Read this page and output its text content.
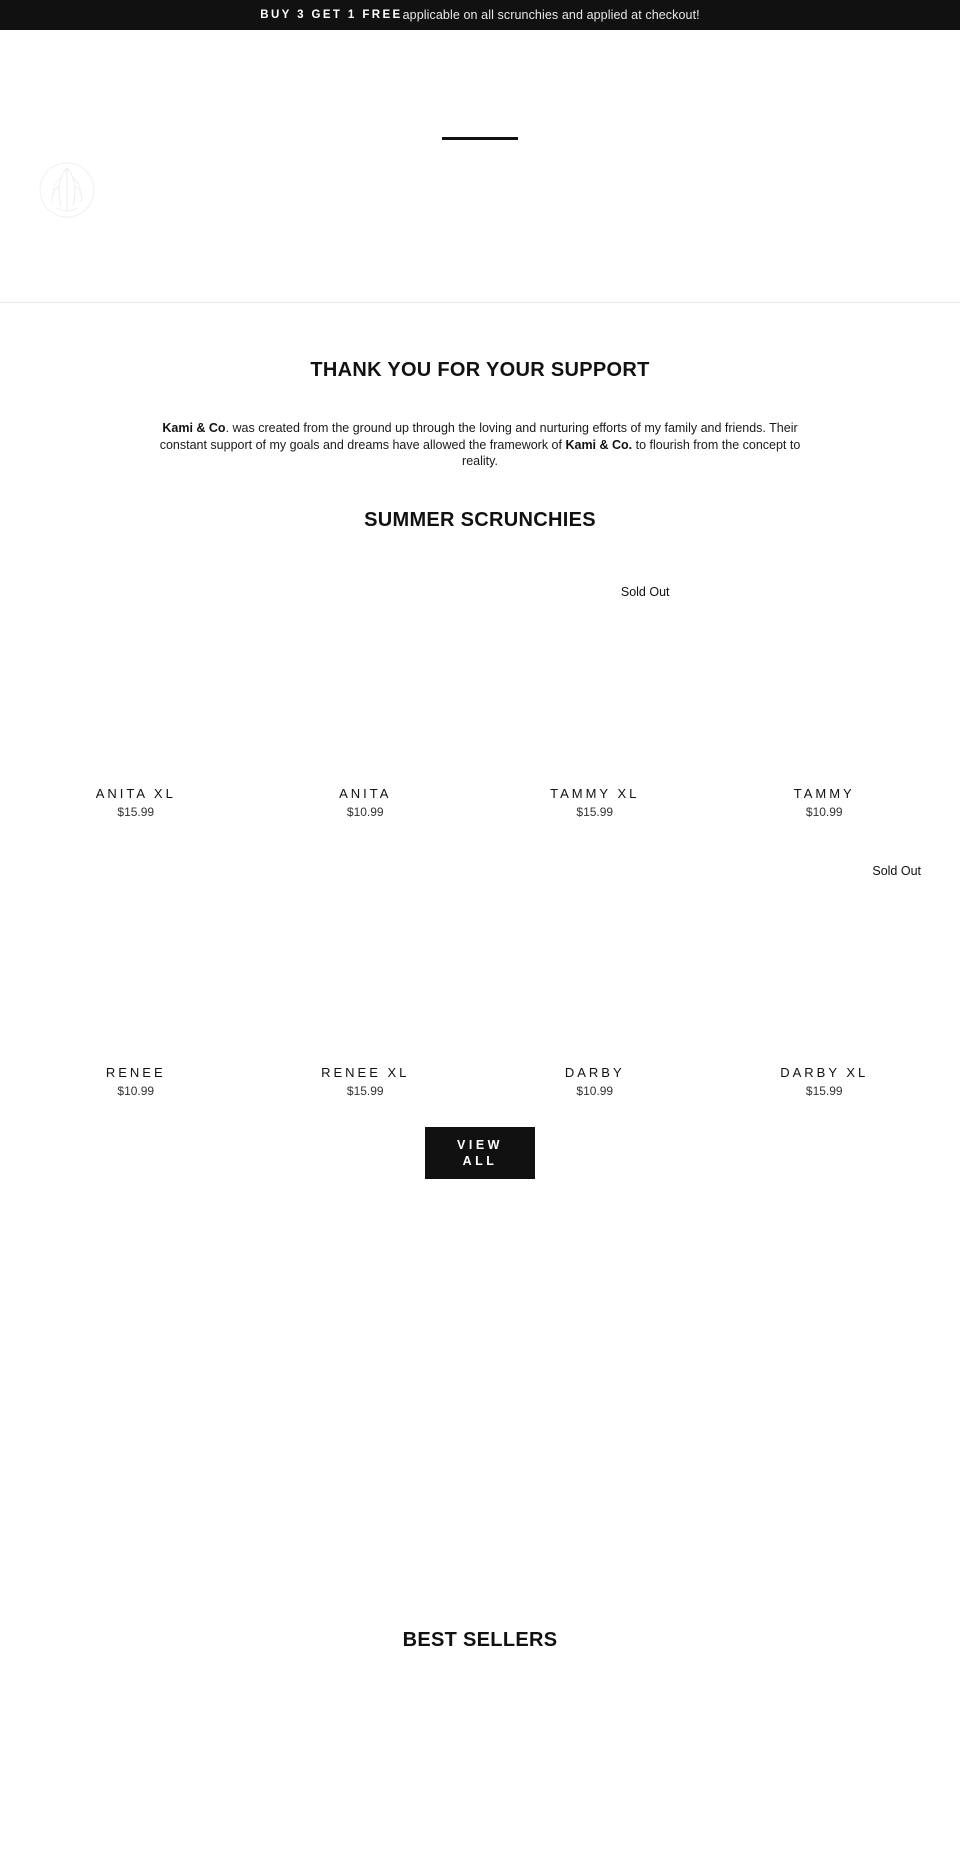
BUY 3 GET 1 FREE applicable on all scrunchies and applied at checkout!
THANK YOU FOR YOUR SUPPORT

Kami & Co. was created from the ground up through the loving and nurturing efforts of my family and friends. Their constant support of my goals and dreams have allowed the framework of Kami & Co. to flourish from the concept to reality.

SUMMER SCRUNCHIES
ANITA XL
$15.99
ANITA
$10.99
Sold Out
TAMMY XL
$15.99
TAMMY
$10.99
RENEE
$10.99
RENEE XL
$15.99
DARBY
$10.99
Sold Out
DARBY XL
$15.99
VIEW ALL
BEST SELLERS
